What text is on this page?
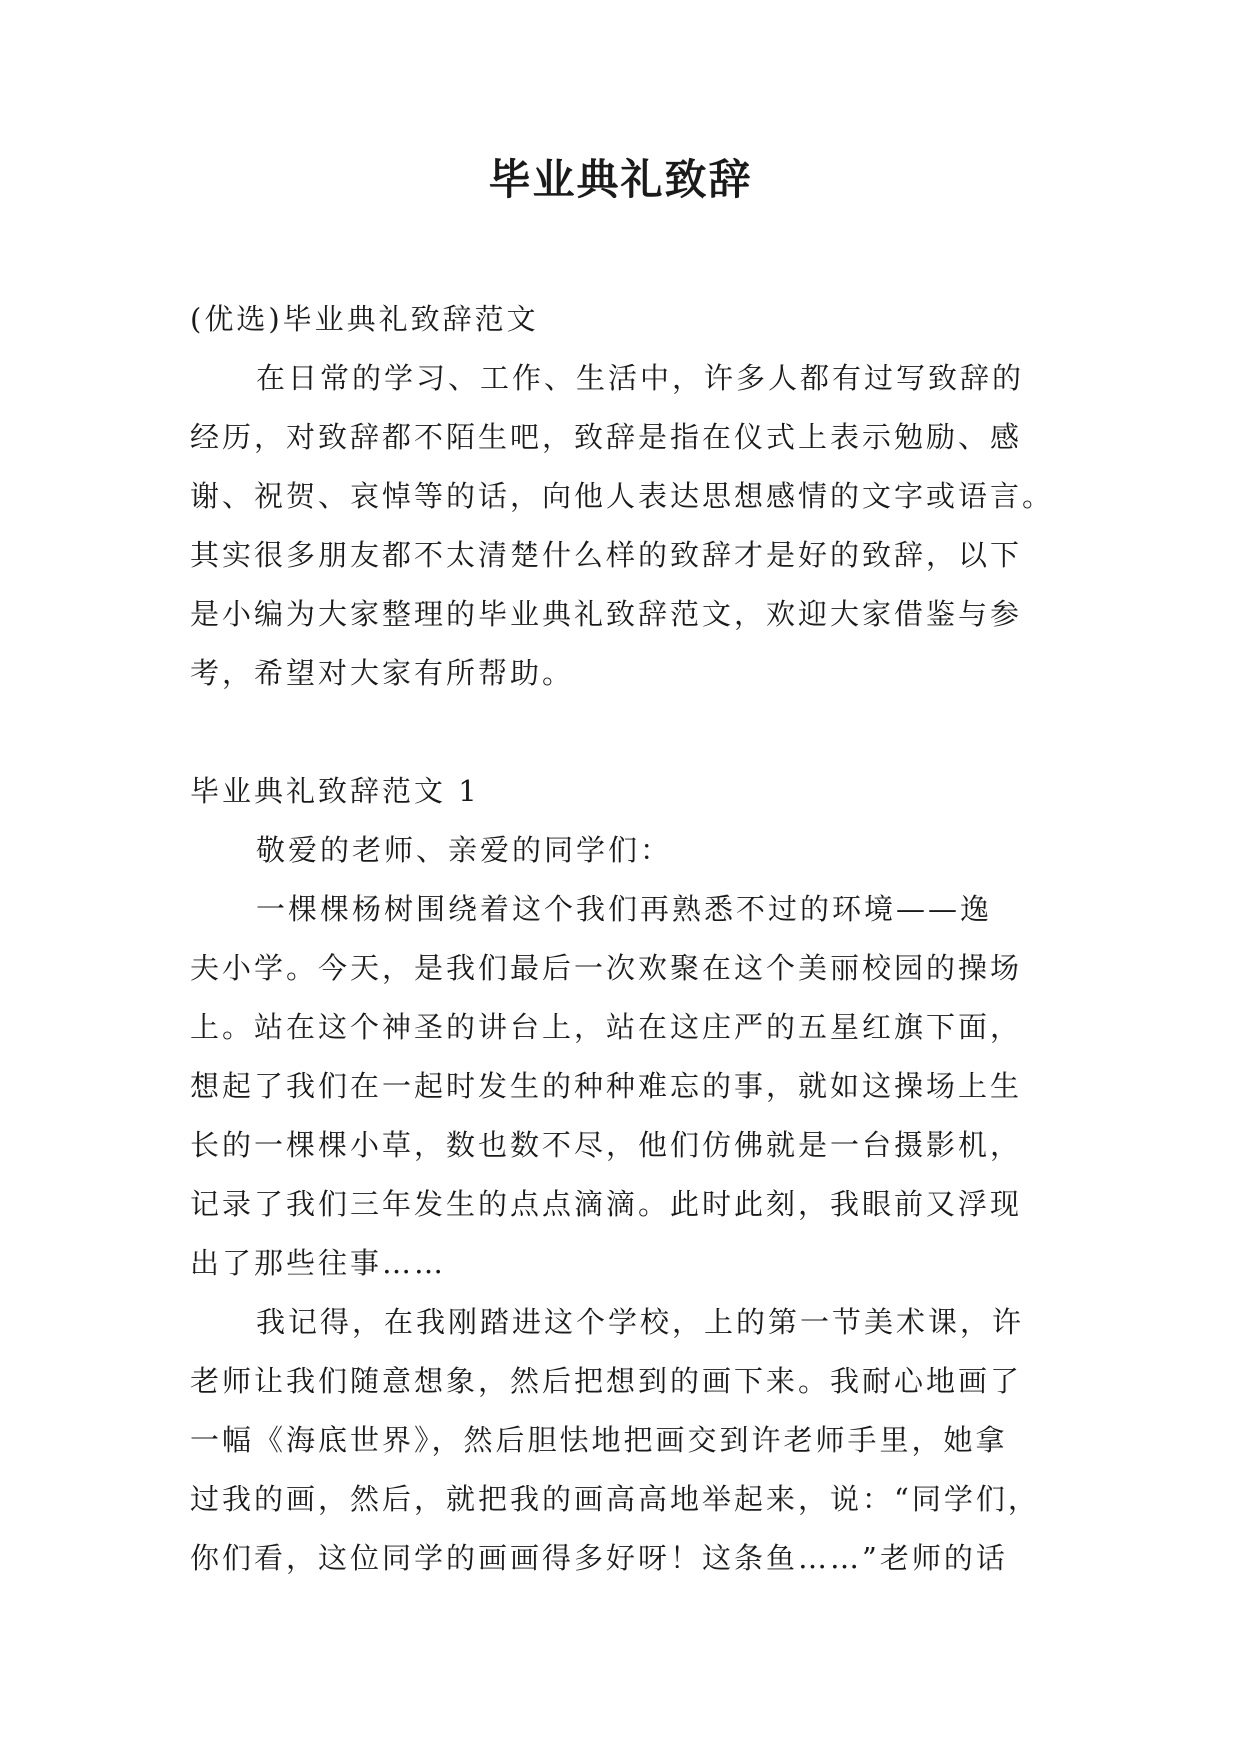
毕业典礼致辞
(优选)毕业典礼致辞范文
在日常的学习、工作、生活中，许多人都有过写致辞的
经历，对致辞都不陌生吧，致辞是指在仪式上表示勉励、感
谢、祝贺、哀悼等的话，向他人表达思想感情的文字或语言。
其实很多朋友都不太清楚什么样的致辞才是好的致辞，以下
是小编为大家整理的毕业典礼致辞范文，欢迎大家借鉴与参
考，希望对大家有所帮助。
毕业典礼致辞范文 1
敬爱的老师、亲爱的同学们：
一棵棵杨树围绕着这个我们再熟悉不过的环境——逸
夫小学。今天，是我们最后一次欢聚在这个美丽校园的操场
上。站在这个神圣的讲台上，站在这庄严的五星红旗下面，
想起了我们在一起时发生的种种难忘的事，就如这操场上生
长的一棵棵小草，数也数不尽，他们仿佛就是一台摄影机，
记录了我们三年发生的点点滴滴。此时此刻，我眼前又浮现
出了那些往事……
我记得，在我刚踏进这个学校，上的第一节美术课，许
老师让我们随意想象，然后把想到的画下来。我耐心地画了
一幅《海底世界》，然后胆怯地把画交到许老师手里，她拿
过我的画，然后，就把我的画高高地举起来，说：“同学们，
你们看，这位同学的画画得多好呀！这条鱼……”老师的话
